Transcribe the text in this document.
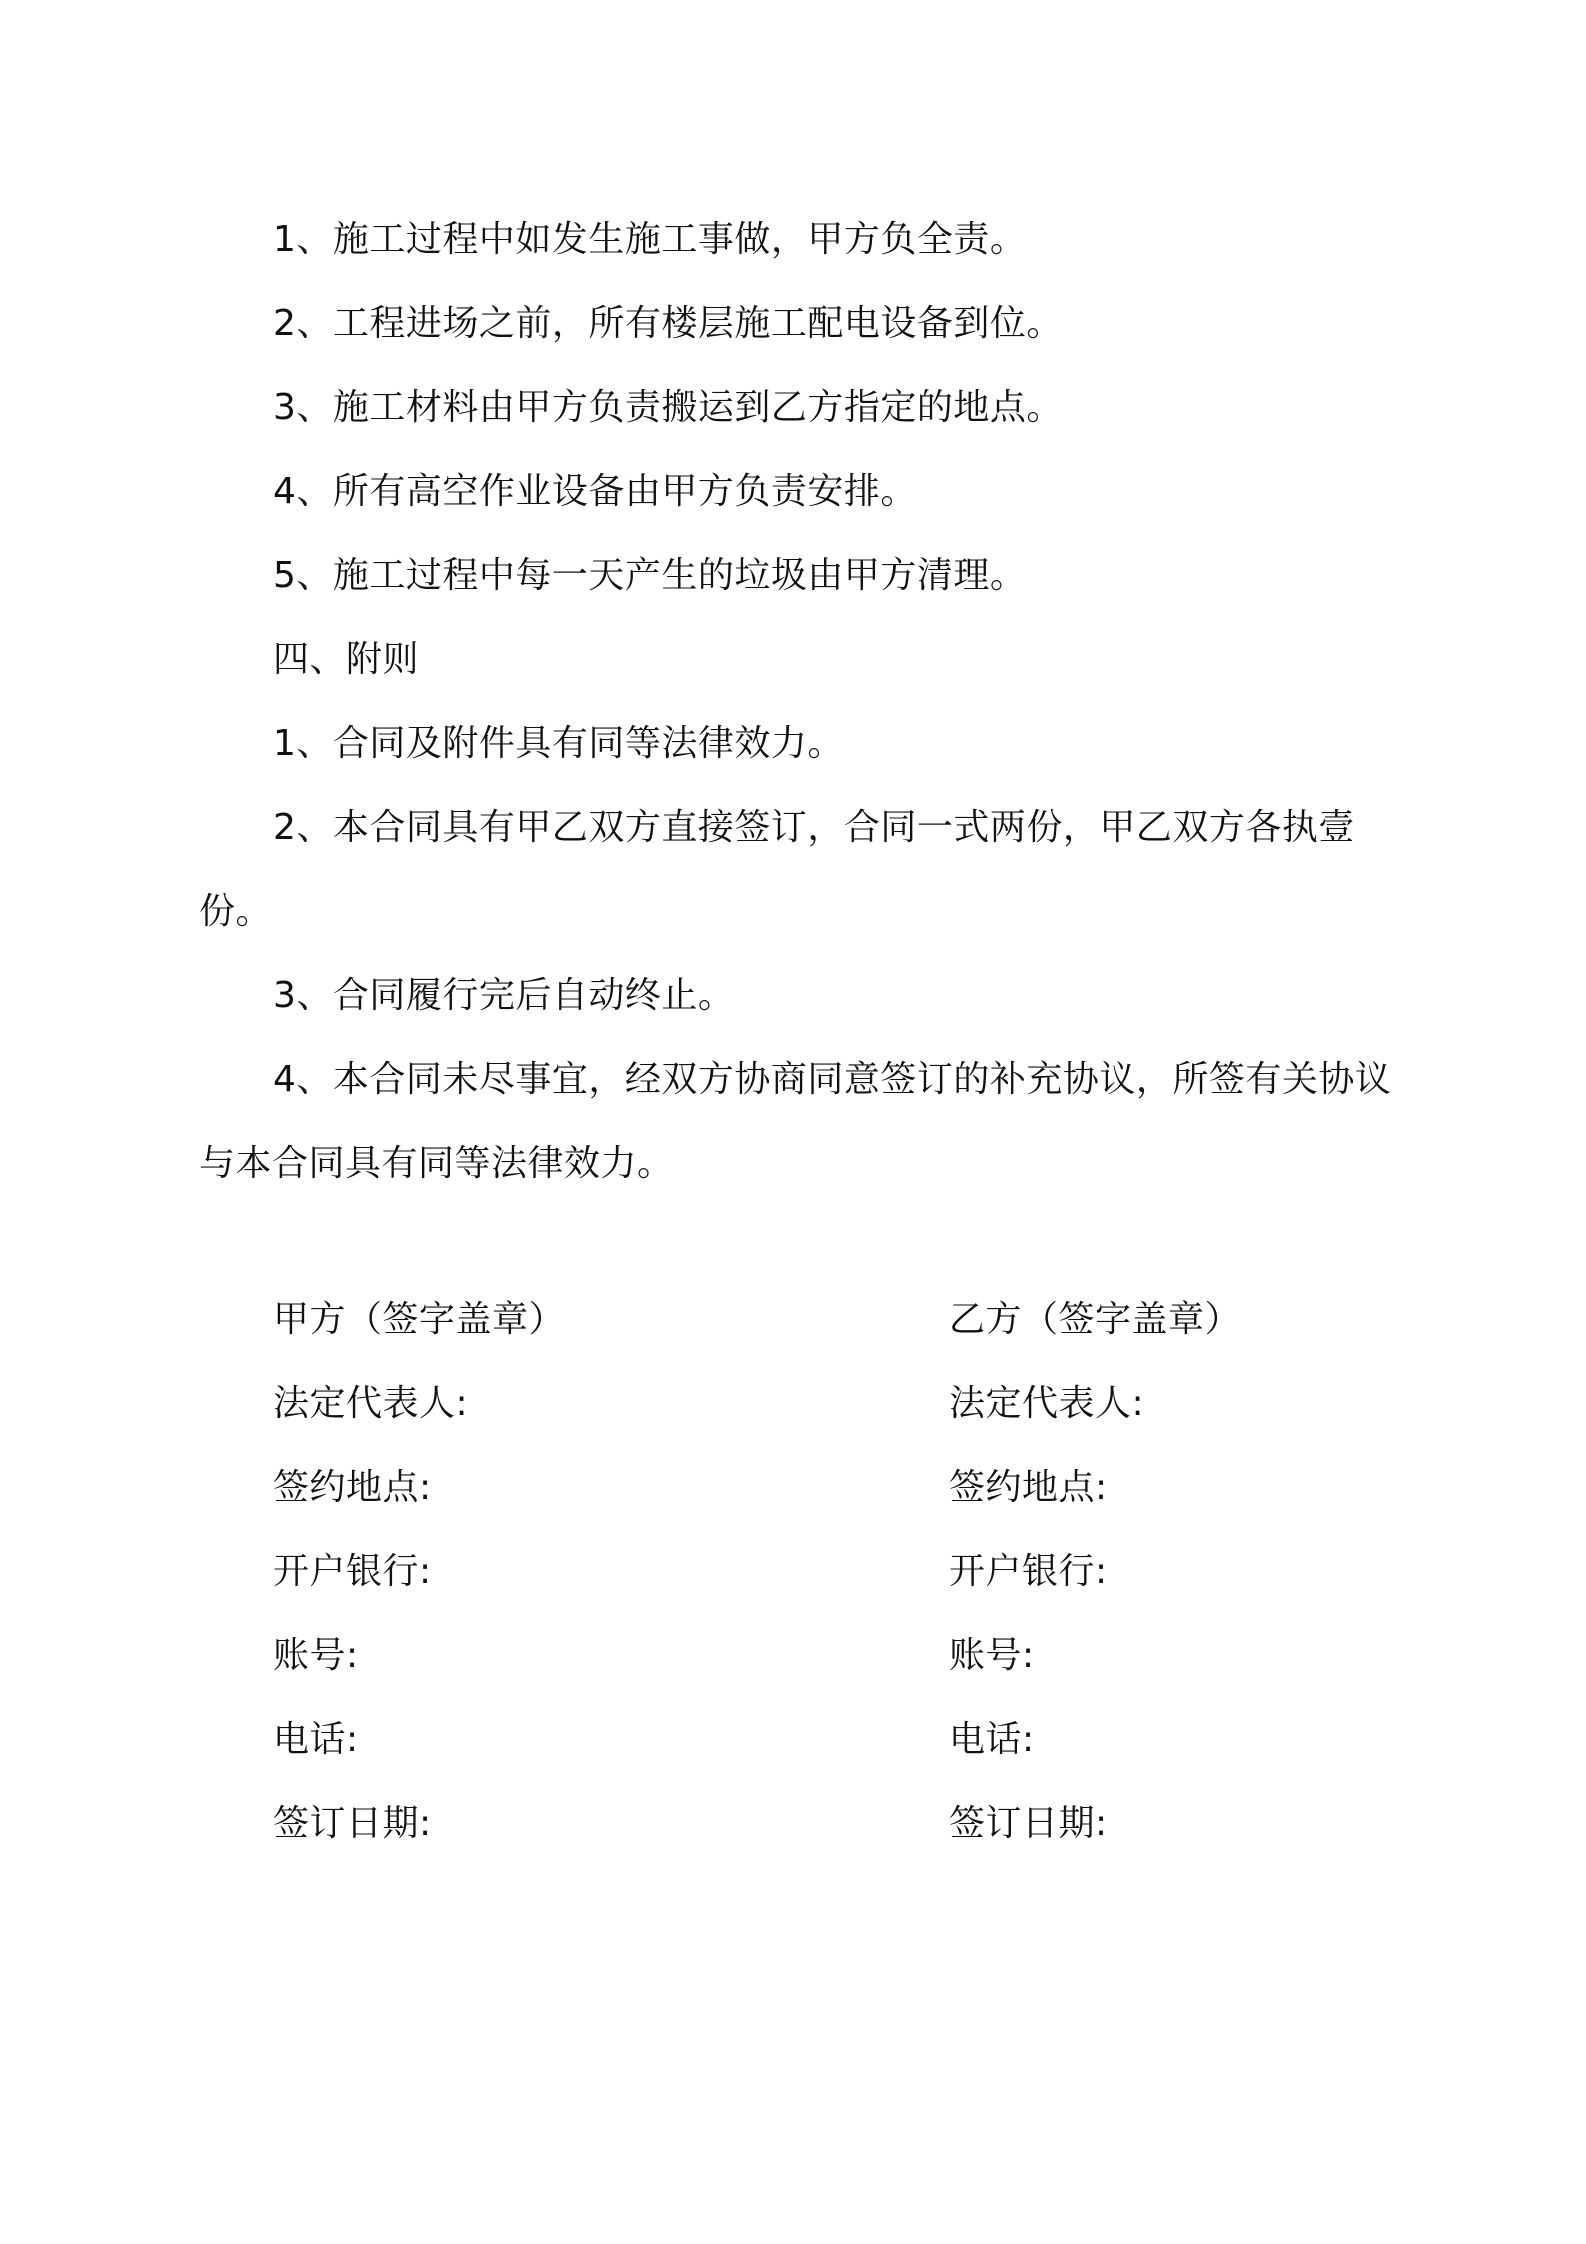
1、施工过程中如发生施工事做，甲方负全责。

2、工程进场之前，所有楼层施工配电设备到位。

3、施工材料由甲方负责搬运到乙方指定的地点。

4、所有高空作业设备由甲方负责安排。

5、施工过程中每一天产生的垃圾由甲方清理。

四、附则

1、合同及附件具有同等法律效力。

2、本合同具有甲乙双方直接签订，合同一式两份，甲乙双方各执壹份。

3、合同履行完后自动终止。

4、本合同未尽事宜，经双方协商同意签订的补充协议，所签有关协议与本合同具有同等法律效力。

甲方（签字盖章）
法定代表人:
签约地点:
开户银行:
账号:
电话:
签订日期:
乙方（签字盖章）
法定代表人:
签约地点:
开户银行:
账号:
电话:
签订日期:
